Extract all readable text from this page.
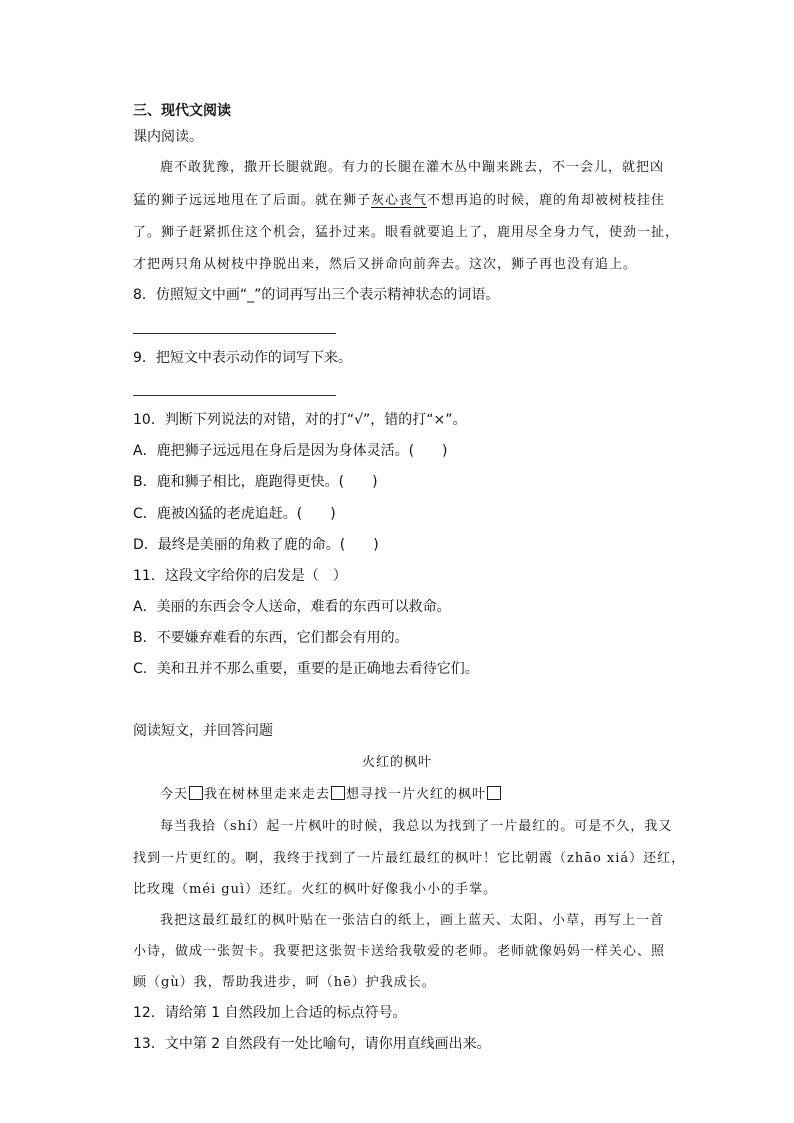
三、现代文阅读
课内阅读。
鹿不敢犹豫，撒开长腿就跑。有力的长腿在灌木丛中蹦来跳去，不一会儿，就把凶
猛的狮子远远地甩在了后面。就在狮子灰心丧气不想再追的时候，鹿的角却被树枝挂住
了。狮子赶紧抓住这个机会，猛扑过来。眼看就要追上了，鹿用尽全身力气，使劲一扯，
才把两只角从树枝中挣脱出来，然后又拼命向前奔去。这次，狮子再也没有追上。
8．仿照短文中画“_”的词再写出三个表示精神状态的词语。
9．把短文中表示动作的词写下来。
10．判断下列说法的对错，对的打“√”，错的打“×”。
A．鹿把狮子远远甩在身后是因为身体灵活。(　　)
B．鹿和狮子相比，鹿跑得更快。(　　)
C．鹿被凶猛的老虎追赶。(　　)
D．最终是美丽的角救了鹿的命。(　　)
11．这段文字给你的启发是（　）
A．美丽的东西会令人送命，难看的东西可以救命。
B．不要嫌弃难看的东西，它们都会有用的。
C．美和丑并不那么重要，重要的是正确地去看待它们。
阅读短文，并回答问题
火红的枫叶
今天 我在树林里走来走去 想寻找一片火红的枫叶
每当我拾（shí）起一片枫叶的时候，我总以为找到了一片最红的。可是不久，我又
找到一片更红的。啊，我终于找到了一片最红最红的枫叶！它比朝霞（zhāo xiá）还红，
比玫瑰（méi guì）还红。火红的枫叶好像我小小的手掌。
我把这最红最红的枫叶贴在一张洁白的纸上，画上蓝天、太阳、小草，再写上一首
小诗，做成一张贺卡。我要把这张贺卡送给我敬爱的老师。老师就像妈妈一样关心、照
顾（gù）我，帮助我进步，呵（hē）护我成长。
12．请给第 1 自然段加上合适的标点符号。
13．文中第 2 自然段有一处比喻句，请你用直线画出来。
